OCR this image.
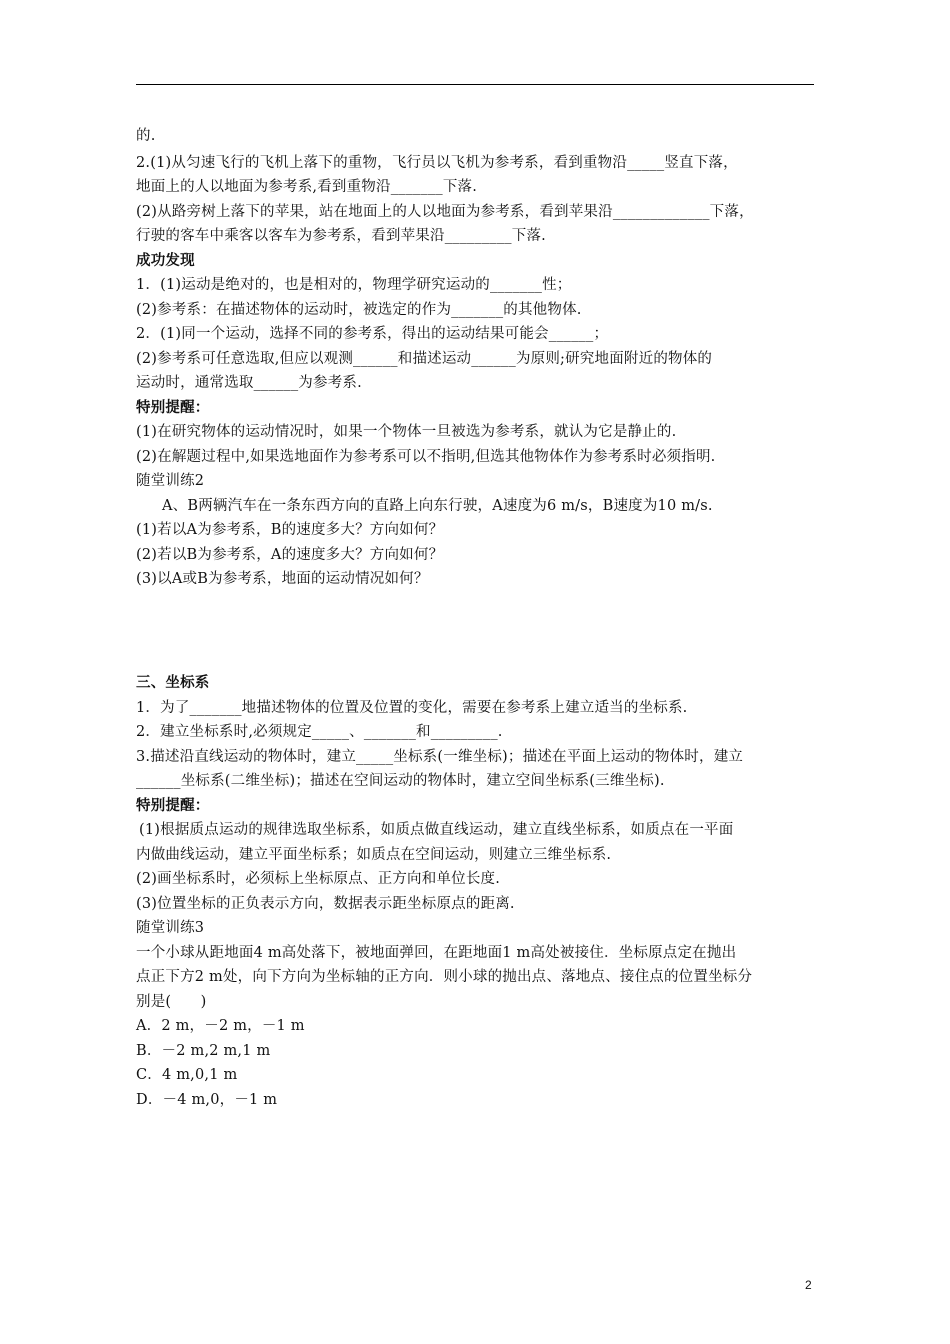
的.
2.(1)从匀速飞行的飞机上落下的重物，飞行员以飞机为参考系，看到重物沿_____竖直下落，
地面上的人以地面为参考系,看到重物沿_______下落.
(2)从路旁树上落下的苹果，站在地面上的人以地面为参考系，看到苹果沿_____________下落，
行驶的客车中乘客以客车为参考系，看到苹果沿_________下落.
成功发现
1．(1)运动是绝对的，也是相对的，物理学研究运动的_______性；
(2)参考系：在描述物体的运动时，被选定的作为_______的其他物体.
2．(1)同一个运动，选择不同的参考系，得出的运动结果可能会______；
(2)参考系可任意选取,但应以观测______和描述运动______为原则;研究地面附近的物体的
运动时，通常选取______为参考系.
特别提醒：
(1)在研究物体的运动情况时，如果一个物体一旦被选为参考系，就认为它是静止的.
(2)在解题过程中,如果选地面作为参考系可以不指明,但选其他物体作为参考系时必须指明.
随堂训练2
A、B两辆汽车在一条东西方向的直路上向东行驶，A速度为6 m/s，B速度为10 m/s.
(1)若以A为参考系，B的速度多大？方向如何？
(2)若以B为参考系，A的速度多大？方向如何？
(3)以A或B为参考系，地面的运动情况如何？
三、坐标系
1．为了_______地描述物体的位置及位置的变化，需要在参考系上建立适当的坐标系.
2．建立坐标系时,必须规定_____、_______和_________.
3.描述沿直线运动的物体时，建立_____坐标系(一维坐标)；描述在平面上运动的物体时，建立
______坐标系(二维坐标)；描述在空间运动的物体时，建立空间坐标系(三维坐标).
特别提醒：
(1)根据质点运动的规律选取坐标系，如质点做直线运动，建立直线坐标系，如质点在一平面
内做曲线运动，建立平面坐标系；如质点在空间运动，则建立三维坐标系.
(2)画坐标系时，必须标上坐标原点、正方向和单位长度.
(3)位置坐标的正负表示方向，数据表示距坐标原点的距离.
随堂训练3
一个小球从距地面4 m高处落下，被地面弹回，在距地面1 m高处被接住．坐标原点定在抛出
点正下方2 m处，向下方向为坐标轴的正方向．则小球的抛出点、落地点、接住点的位置坐标分
别是(　　)
A．2 m，－2 m，－1 m
B．－2 m,2 m,1 m
C．4 m,0,1 m
D．－4 m,0，－1 m
2
